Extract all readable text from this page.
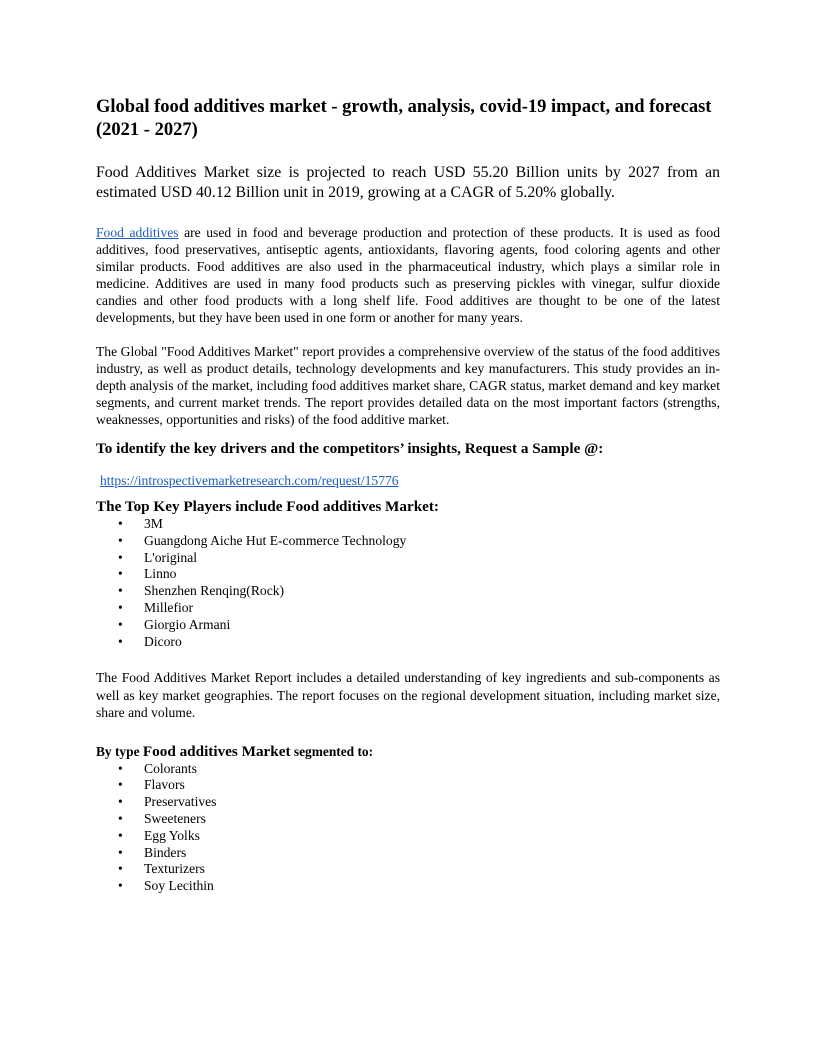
Global food additives market - growth, analysis, covid-19 impact, and forecast (2021 - 2027)
Food Additives Market size is projected to reach USD 55.20 Billion units by 2027 from an estimated USD 40.12 Billion unit in 2019, growing at a CAGR of 5.20% globally.
Food additives are used in food and beverage production and protection of these products. It is used as food additives, food preservatives, antiseptic agents, antioxidants, flavoring agents, food coloring agents and other similar products. Food additives are also used in the pharmaceutical industry, which plays a similar role in medicine. Additives are used in many food products such as preserving pickles with vinegar, sulfur dioxide candies and other food products with a long shelf life. Food additives are thought to be one of the latest developments, but they have been used in one form or another for many years.
The Global "Food Additives Market" report provides a comprehensive overview of the status of the food additives industry, as well as product details, technology developments and key manufacturers. This study provides an in-depth analysis of the market, including food additives market share, CAGR status, market demand and key market segments, and current market trends. The report provides detailed data on the most important factors (strengths, weaknesses, opportunities and risks) of the food additive market.
To identify the key drivers and the competitors’ insights, Request a Sample @:
https://introspectivemarketresearch.com/request/15776
The Top Key Players include Food additives Market:
• 3M
• Guangdong Aiche Hut E-commerce Technology
• L'original
• Linno
• Shenzhen Renqing(Rock)
• Millefior
• Giorgio Armani
• Dicoro
The Food Additives Market Report includes a detailed understanding of key ingredients and sub-components as well as key market geographies. The report focuses on the regional development situation, including market size, share and volume.
By type Food additives Market segmented to:
• Colorants
• Flavors
• Preservatives
• Sweeteners
• Egg Yolks
• Binders
• Texturizers
• Soy Lecithin
